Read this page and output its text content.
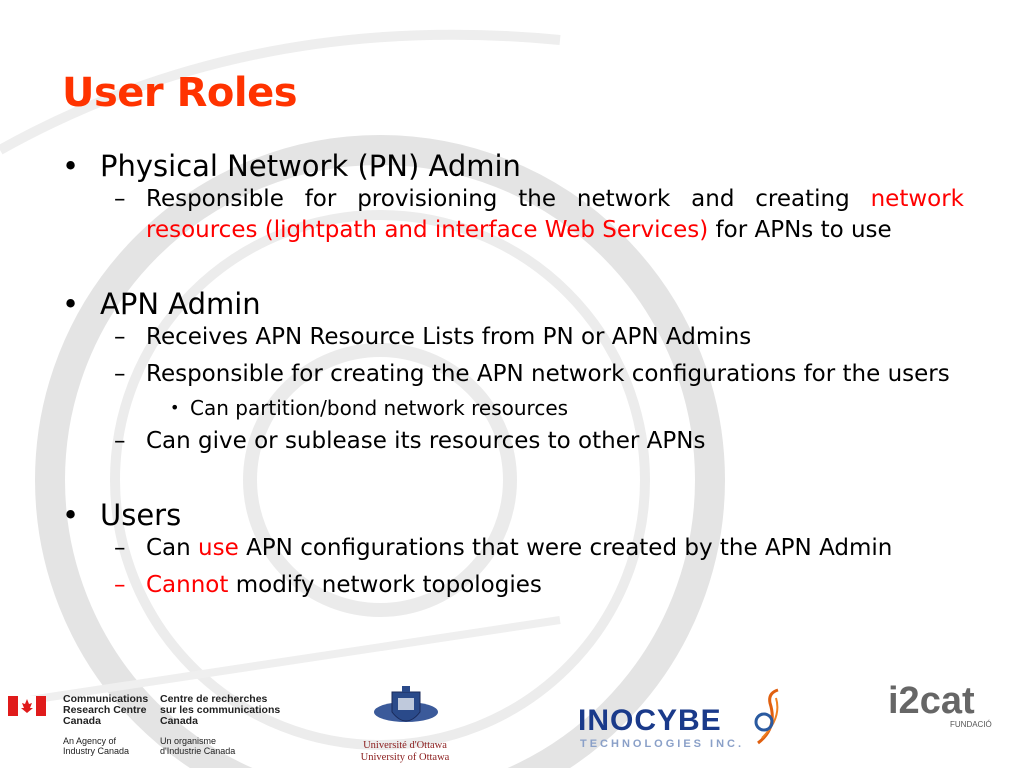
User Roles
• Physical Network (PN) Admin
– Responsible for provisioning the network and creating network resources (lightpath and interface Web Services) for APNs to use
• APN Admin
– Receives APN Resource Lists from PN or APN Admins
– Responsible for creating the APN network configurations for the users
• Can partition/bond network resources
– Can give or sublease its resources to other APNs
• Users
– Can use APN configurations that were created by the APN Admin
– Cannot modify network topologies
Communications
Research Centre
Canada
Centre de recherches
sur les communications
Canada
An Agency of
Industry Canada
Un organisme
d'Industrie Canada	Université d'Ottawa
University of Ottawa
INOCYBE
TECHNOLOGIES INC.
i2cat
FUNDACIÓ
